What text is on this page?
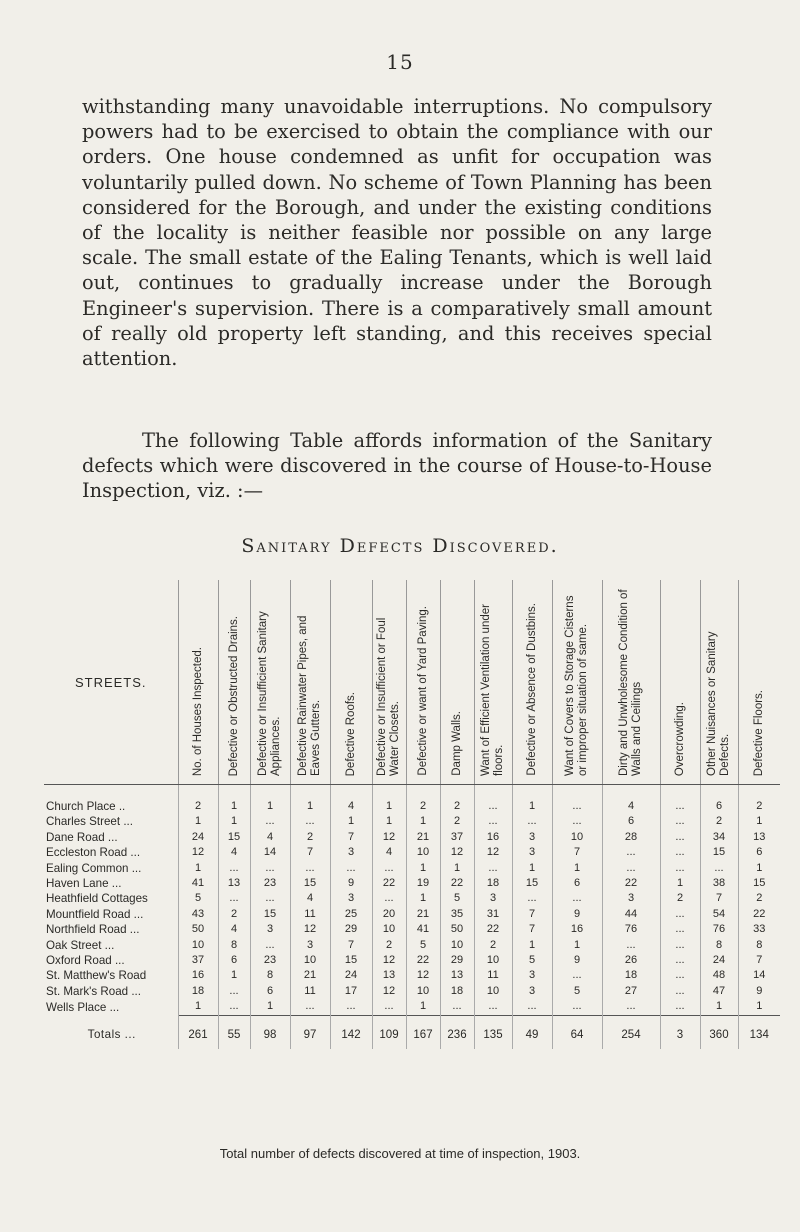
15

withstanding many unavoidable interruptions. No compulsory powers had to be exercised to obtain the compliance with our orders. One house condemned as unfit for occupation was voluntarily pulled down. No scheme of Town Planning has been considered for the Borough, and under the existing conditions of the locality is neither feasible nor possible on any large scale. The small estate of the Ealing Tenants, which is well laid out, continues to gradually increase under the Borough Engineer's supervision. There is a comparatively small amount of really old property left standing, and this receives special attention.

The following Table affords information of the Sanitary defects which were discovered in the course of House-to-House Inspection, viz. :—

Sanitary Defects Discovered.
STREETS.	No. of Houses Inspected.	Defective or Obstructed Drains.	Defective or Insufficient Sanitary Appliances.	Defective Rainwater Pipes, and Eaves Gutters.	Defective Roofs.	Defective or Insufficient or Foul Water Closets.	Defective or want of Yard Paving.	Damp Walls.	Want of Efficient Ventilation under floors.	Defective or Absence of Dustbins.	Want of Covers to Storage Cisterns or improper situation of same.	Dirty and Unwholesome Condition of Walls and Ceilings	Overcrowding.	Other Nuisances or Sanitary Defects.	Defective Floors.

Church Place ..	2	1	1	1	4	1	2	2	...	1	...	4	...	6	2
Charles Street ...	1	1	...	...	1	1	1	2	...	...	...	6	...	2	1
Dane Road ...	24	15	4	2	7	12	21	37	16	3	10	28	...	34	13
Eccleston Road ...	12	4	14	7	3	4	10	12	12	3	7	...	...	15	6
Ealing Common ...	1	...	...	...	...	...	1	1	...	1	1	...	...	...	1
Haven Lane ...	41	13	23	15	9	22	19	22	18	15	6	22	1	38	15
Heathfield Cottages	5	...	...	4	3	...	1	5	3	...	...	3	2	7	2
Mountfield Road ...	43	2	15	11	25	20	21	35	31	7	9	44	...	54	22
Northfield Road ...	50	4	3	12	29	10	41	50	22	7	16	76	...	76	33
Oak Street ...	10	8	...	3	7	2	5	10	2	1	1	...	...	8	8
Oxford Road ...	37	6	23	10	15	12	22	29	10	5	9	26	...	24	7
St. Matthew's Road	16	1	8	21	24	13	12	13	11	3	...	18	...	48	14
St. Mark's Road ...	18	...	6	11	17	12	10	18	10	3	5	27	...	47	9
Wells Place ...	1	...	1	...	...	...	1	...	...	...	...	...	...	1	1
Totals ...	261	55	98	97	142	109	167	236	135	49	64	254	3	360	134
Total number of defects discovered at time of inspection, 1903.
